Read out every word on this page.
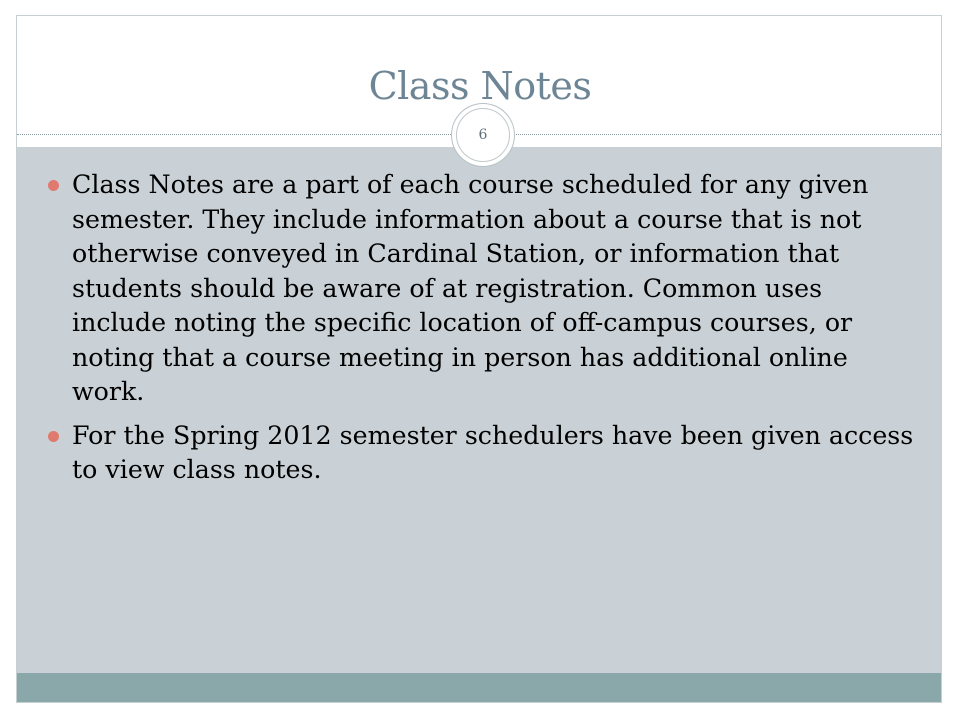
Class Notes
6
Class Notes are a part of each course scheduled for any given semester. They include information about a course that is not otherwise conveyed in Cardinal Station, or information that students should be aware of at registration. Common uses include noting the specific location of off-campus courses, or noting that a course meeting in person has additional online work.
For the Spring 2012 semester schedulers have been given access to view class notes.
